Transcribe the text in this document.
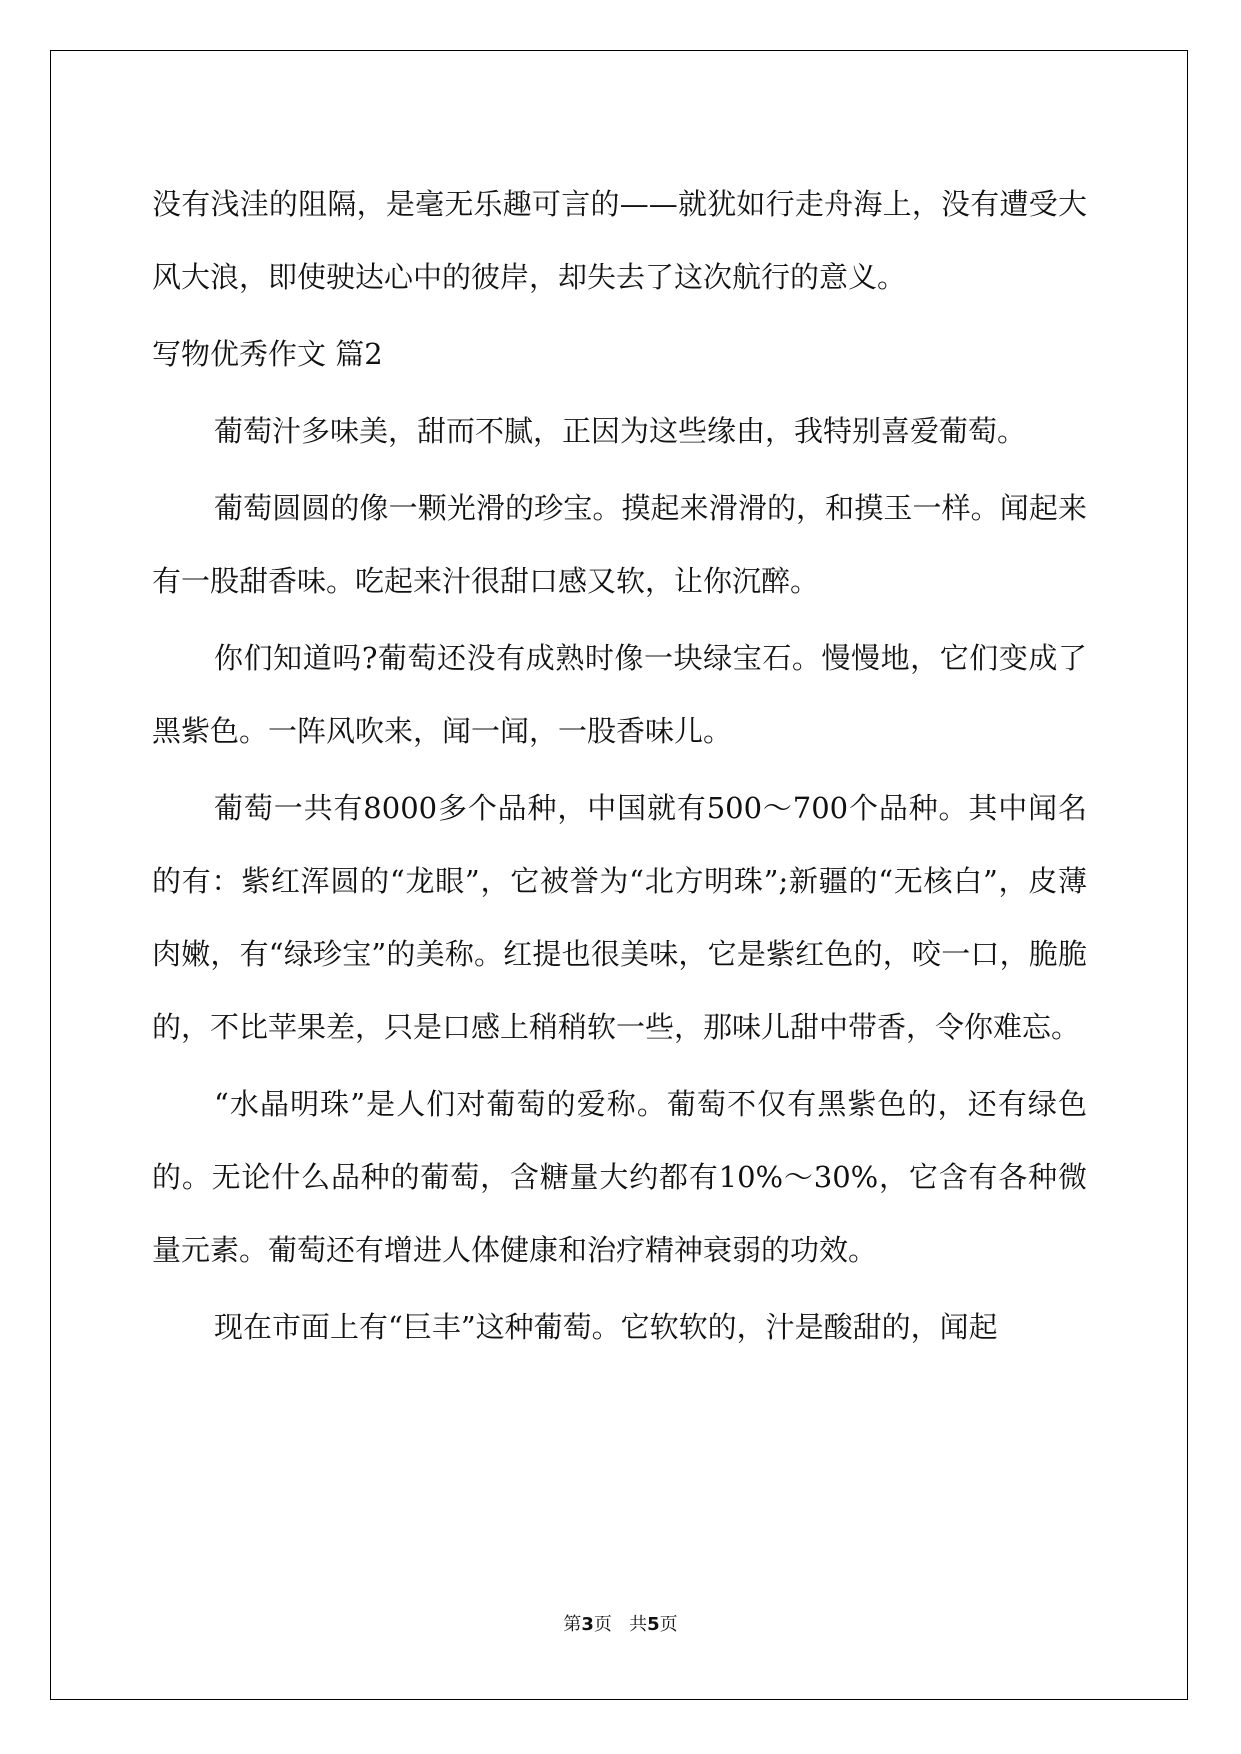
没有浅洼的阻隔，是毫无乐趣可言的——就犹如行走舟海上，没有遭受大风大浪，即使驶达心中的彼岸，却失去了这次航行的意义。

写物优秀作文 篇2

葡萄汁多味美，甜而不腻，正因为这些缘由，我特别喜爱葡萄。

葡萄圆圆的像一颗光滑的珍宝。摸起来滑滑的，和摸玉一样。闻起来有一股甜香味。吃起来汁很甜口感又软，让你沉醉。

你们知道吗?葡萄还没有成熟时像一块绿宝石。慢慢地，它们变成了黑紫色。一阵风吹来，闻一闻，一股香味儿。

葡萄一共有8000多个品种，中国就有500～700个品种。其中闻名的有：紫红浑圆的“龙眼”，它被誉为“北方明珠”;新疆的“无核白”，皮薄肉嫩，有“绿珍宝”的美称。红提也很美味，它是紫红色的，咬一口，脆脆的，不比苹果差，只是口感上稍稍软一些，那味儿甜中带香，令你难忘。

“水晶明珠”是人们对葡萄的爱称。葡萄不仅有黑紫色的，还有绿色的。无论什么品种的葡萄，含糖量大约都有10%～30%，它含有各种微量元素。葡萄还有增进人体健康和治疗精神衰弱的功效。

现在市面上有“巨丰”这种葡萄。它软软的，汁是酸甜的，闻起

第3页 共5页
